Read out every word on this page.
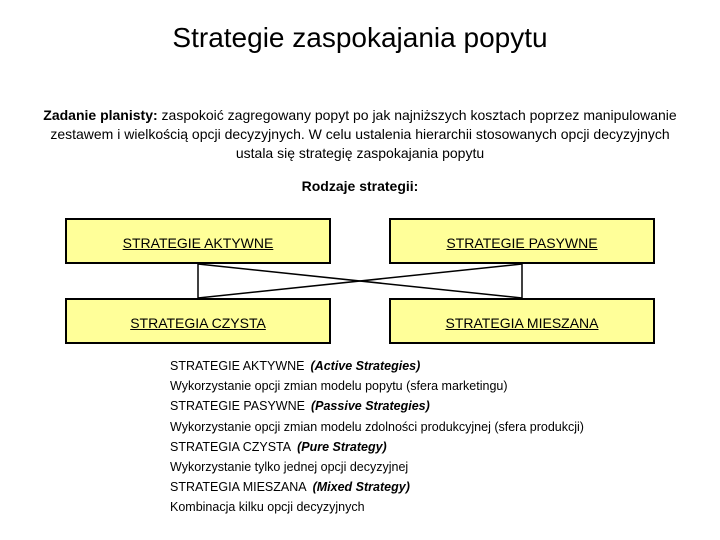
Strategie zaspokajania popytu
Zadanie planisty: zaspokoić zagregowany popyt po jak najniższych kosztach poprzez manipulowanie zestawem i wielkością opcji decyzyjnych. W celu ustalenia hierarchii stosowanych opcji decyzyjnych ustala się strategię zaspokajania popytu
Rodzaje strategii:
STRATEGIE AKTYWNE	STRATEGIE PASYWNE
STRATEGIA CZYSTA	STRATEGIA MIESZANA
STRATEGIE AKTYWNE (Active Strategies)
Wykorzystanie opcji zmian modelu popytu (sfera marketingu)
STRATEGIE PASYWNE (Passive Strategies)
Wykorzystanie opcji zmian modelu zdolności produkcyjnej (sfera produkcji)
STRATEGIA CZYSTA (Pure Strategy)
Wykorzystanie tylko jednej opcji decyzyjnej
STRATEGIA MIESZANA (Mixed Strategy)
Kombinacja kilku opcji decyzyjnych
